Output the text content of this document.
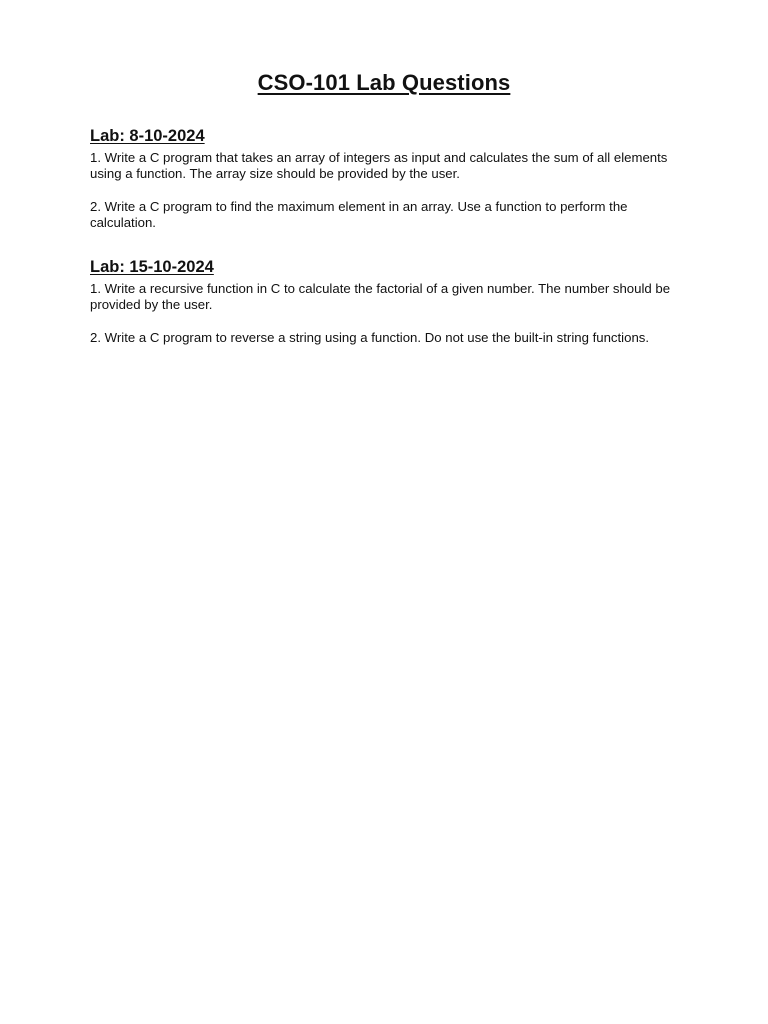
CSO-101 Lab Questions
Lab: 8-10-2024

1. Write a C program that takes an array of integers as input and calculates the sum of all elements using a function. The array size should be provided by the user.

2. Write a C program to find the maximum element in an array. Use a function to perform the calculation.

Lab: 15-10-2024

1. Write a recursive function in C to calculate the factorial of a given number. The number should be provided by the user.

2. Write a C program to reverse a string using a function. Do not use the built-in string functions.
